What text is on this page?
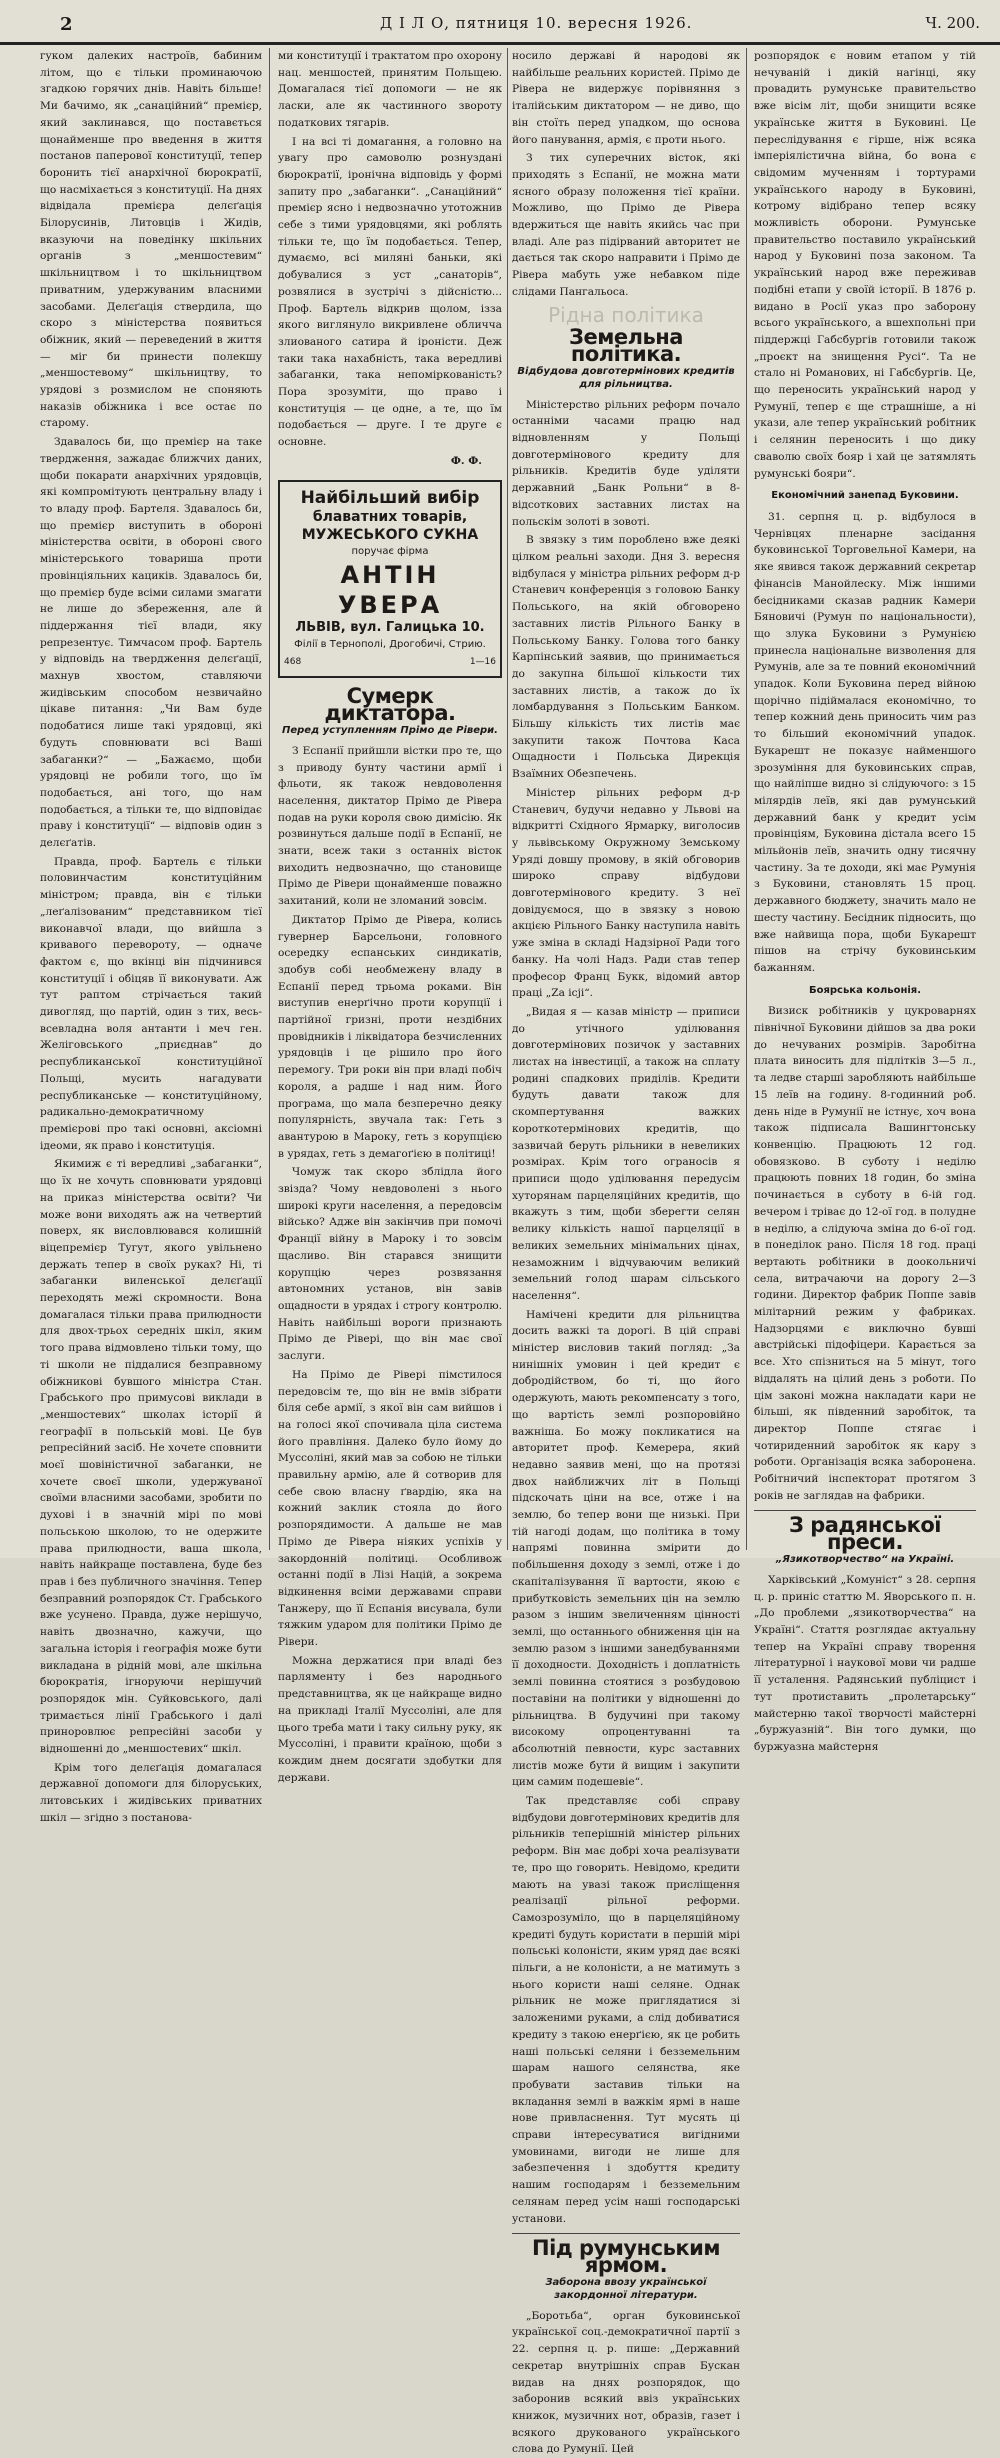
2	Д І Л О, пятниця 10. вересня 1926.	Ч. 200.

гуком далеких настроїв, бабиним літом, що є тільки проминаючою згадкою горячих днів. Навіть більше! Ми бачимо, як „санаційний“ премієр, який заклинався, що поставється щонайменше про введення в життя постанов паперової конституції, тепер боронить тієї анархічної бюрократії, що насміхається з конституції. На днях відвідала премієра делєґація Білорусинів, Литовців і Жидів, вказуючи на поведінку шкільних органів з „меншостевим“ шкільництвом і то шкільництвом приватним, удержуваним власними засобами. Делєґація ствердила, що скоро з міністерства появиться обіжник, який — переведений в життя — міг би принести полекшу „меншостевому“ шкільництву, то урядові з розмислом не споняють наказів обіжника і все остає по старому.

Здавалось би, що премієр на таке твердження, зажадає ближчих даних, щоби покарати анархічних урядовців, які компромітують центральну владу і то владу проф. Бартеля. Здавалось би, що премієр виступить в обороні міністерства освіти, в обороні свого міністерського товариша проти провінціяльних кациків. Здавалось би, що премієр буде всіми силами змагати не лише до збереження, але й піддержання тієї влади, яку репрезентує. Тимчасом проф. Бартель у відповідь на твердження делєґації, махнув хвостом, ставляючи жидівським способом незвичайно цікаве питання: „Чи Вам буде подобатися лише такі урядовці, які будуть сповнювати всі Ваші забаганки?“ — „Бажаємо, щоби урядовці не робили того, що їм подобається, ані того, що нам подобається, а тільки те, що відповідає праву і конституції“ — відповів один з делєґатів.

Правда, проф. Бартель є тільки половинчастим конституційним міністром; правда, він є тільки „леґалізованим“ представником тієї виконавчої влади, що вийшла з кривавого перевороту, — одначе фактом є, що вкінці він підчинився конституції і обіцяв її виконувати. Аж тут раптом стрічається такий дивогляд, що партій, один з тих, весь-всевладна воля антанти і меч ген. Желіговського „приєднав“ до республиканської конституційної Польщі, мусить нагадувати республиканське — конституційному, радикально-демократичному премієрові про такі основні, аксіомні ідеоми, як право і конституція.

Якимиж є ті вередливі „забаганки“, що їх не хочуть сповнювати урядовці на приказ міністерства освіти? Чи може вони виходять аж на четвертий поверх, як висловлювався колишній віцепремієр Тугут, якого увільнено держать тепер в своїх руках? Ні, ті забаганки виленської делєґації переходять межі скромности. Вона домагалася тільки права прилюдности для двох-трьох середніх шкіл, яким того права відмовлено тільки тому, що ті школи не піддалися безправному обіжникові бувшого міністра Стан. Грабського про примусові виклади в „меншостевих“ школах історії й географії в польській мові. Це був репресійний засіб. Не хочете сповнити моєї шовіністичної забаганки, не хочете своєї школи, удержуваної своїми власними засобами, зробити по духові і в значній мірі по мові польською школою, то не одержите права прилюдности, ваша школа, навіть найкраще поставлена, буде без прав і без публичного значіння. Тепер безправний розпорядок Ст. Грабського вже усунено. Правда, дуже нерішучо, навіть двозначно, кажучи, що загальна історія і географія може бути викладана в рідній мові, але шкільна бюрократія, ігноруючи нерішучий розпорядок мін. Суйковського, далі тримається лінії Грабського і далі приноровлює репресійні засоби у відношенні до „меншостевих“ шкіл.

Крім того делєґація домагалася державної допомоги для білоруських, литовських і жидівських приватних шкіл — згідно з постанова-

ми конституції і трактатом про охорону нац. меншостей, принятим Польщею. Домагалася тієї допомоги — не як ласки, але як частинного звороту податкових тягарів.

І на всі ті домагання, а головно на увагу про самоволю рознуздані бюрократії, іронічна відповідь у формі запиту про „забаганки“. „Санаційний“ премієр ясно і недвозначно утотожнив себе з тими урядовцями, які роблять тільки те, що їм подобається. Тепер, думаємо, всі миляні баньки, які добувалися з уст „санаторів“, розвялися в зустрічі з дійсністю... Проф. Бартель відкрив щолом, ізза якого виглянуло викривлене обличча злиованого сатира й іроністи. Деж таки така нахабність, така вередливі забаганки, така непоміркованість? Пора зрозуміти, що право і конституція — це одне, а те, що їм подобається — друге. І те друге є основне.

Ф. Ф.
Найбільший вибір
блаватних товарів,
МУЖЕСЬКОГО СУКНА
поручає фірма
АНТІН УВЕРА
ЛЬВІВ, вул. Галицька 10.
Філії в Тернополі, Дрогобичі, Стрию.
468	1—16
Сумерк диктатора.
Перед уступленням Прімо де Рівери.

З Еспанії прийшли вістки про те, що з приводу бунту частини армії і фльоти, як також невдоволення населення, диктатор Прімо де Рівера подав на руки короля свою димісію. Як розвинуться дальше події в Еспанії, не знати, всеж таки з останніх вісток виходить недвозначно, що становище Прімо де Рівери щонайменше поважно захитаний, коли не зломаний зовсім.

Диктатор Прімо де Рівера, колись гувернер Барсельони, головного осередку еспанських синдикатів, здобув собі необмежену владу в Еспанії перед трьома роками. Він виступив енерґічно проти корупції і партійної гризні, проти нездібних провідників і ліквідатора безчисленних урядовців і це рішило про його перемогу. Три роки він при владі побіч короля, а радше і над ним. Його програма, що мала безперечно деяку популярність, звучала так: Геть з авантурою в Мароку, геть з корупцією в урядах, геть з демагоґією в політиці!

Чомуж так скоро зблідла його звізда? Чому невдоволені з нього широкі круги населення, а передовсім військо? Адже він закінчив при помочі Франції війну в Мароку і то зовсім щасливо. Він старався знищити корупцію через розвязання автономних установ, він завів ощадности в урядах і строгу контролю. Навіть найбільші вороги признають Прімо де Рівері, що він має свої заслуги.

На Прімо де Рівері пімстилося передовсім те, що він не вмів зібрати біля себе армії, з якої він сам вийшов і на голосі якої спочивала ціла система його правління. Далеко було йому до Муссоліні, який мав за собою не тільки правильну армію, але й сотворив для себе свою власну ґвардію, яка на кожний заклик стояла до його розпорядимости. А дальше не мав Прімо де Рівера ніяких успіхів у закордонній політиці. Особливож останні події в Лізі Націй, а зокрема відкинення всіми державами справи Танжеру, що її Еспанія висувала, були тяжким ударом для політики Прімо де Рівери.

Можна держатися при владі без парляменту і без народнього представництва, як це найкраще видно на прикладі Італії Муссоліні, але для цього треба мати і таку сильну руку, як Муссоліні, і правити країною, щоби з кождим днем досягати здобутки для держави.

носило державі й народові як найбільше реальних користей. Прімо де Рівера не видержує порівняння з італійським диктатором — не диво, що він стоїть перед упадком, що основа його панування, армія, є проти нього.

З тих суперечних вісток, які приходять з Еспанії, не можна мати ясного образу положення тієї країни. Можливо, що Прімо де Рівера вдержиться ще навіть якийсь час при владі. Але раз підірваний авторитет не дається так скоро направити і Прімо де Рівера мабуть уже небавком піде слідами Пангальоса.

Рідна політика
Земельна політика.
Відбудова довготермінових кредитів для рільництва.

Міністерство рільних реформ почало останніми часами працю над відновленням у Польщі довготермінового кредиту для рільників. Кредитів буде уділяти державний „Банк Рольни“ в 8-відсоткових заставних листах на польскім золоті в зовоті.

В звязку з тим пороблено вже деякі цілком реальні заходи. Дня 3. вересня відбулася у міністра рільних реформ д-р Станевич конференція з головою Банку Польського, на якій обговорено заставних листів Рільного Банку в Польському Банку. Голова того банку Карпінський заявив, що принимається до закупна більшої кількости тих заставних листів, а також до їх ломбардування з Польським Банком. Більшу кількість тих листів має закупити також Почтова Каса Ощадности і Польська Дирекція Взаїмних Обезпечень.

Міністер рільних реформ д-р Станевич, будучи недавно у Львові на відкритті Східного Ярмарку, виголосив у львівському Окружному Земському Уряді довшу промову, в якій обговорив широко справу відбудови довготермінового кредиту. З неї довідуємося, що в звязку з новою акцією Рільного Банку наступила навіть уже зміна в складі Надзірної Ради того банку. На чолі Надз. Ради став тепер професор Франц Букк, відомий автор праці „Za icji“.

„Видая я — казав міністр — приписи до утічного уділювання довготермінових позичок у заставних листах на інвестиції, а також на сплату родині спадкових приділів. Кредити будуть давати також для скомпертування важких короткотермінових кредитів, що зазвичай беруть рільники в невеликих розмірах. Крім того ограносів я приписи щодо уділювання передусім хуторянам парцеляційних кредитів, що вкажуть з тим, щоби зберегти селян велику кількість нашої парцеляції в великих земельних мінімальних цінах, незаможним і відчуваючим великий земельний голод шарам сільського населення“.

Намічені кредити для рільництва досить важкі та дорогі. В цій справі міністер висловив такий погляд: „За нинішніх умовин і цей кредит є добродійством, бо ті, що його одержують, мають рекомпенсату з того, що вартість землі розпоровійно важніша. Бо можу покликатися на авторитет проф. Кемерера, який недавно заявив мені, що на протязі двох найближчих літ в Польщі підскочать ціни на все, отже і на землю, бо тепер вони ще низькі. При тій нагоді додам, що політика в тому напрямі повинна змірити до побільшення доходу з землі, отже і до скапіталізування її вартости, якою є прибутковість земельних цін на землю разом з іншим звеличенням цінності землі, що останнього обниження цін на землю разом з іншими занедбуваннями її доходности. Доходність і доплатність землі повинна стоятися з розбудовою поставіни на політики у відношенні до рільництва. В будучині при такому високому опроцентуванні та абсолютній певности, курс заставних листів може бути й вищим і закупити цим самим подешевіе“.

Так представляє собі справу відбудови довготермінових кредитів для рільників теперішній міністер рільних реформ. Він має добрі хоча реалізувати те, про що говорить. Невідомо, кредити мають на увазі також присліщення реалізації рільної реформи. Самозрозуміло, що в парцеляційному кредиті будуть користати в першій мірі польські колоністи, яким уряд дає всякі пільги, а не колоністи, а не матимуть з нього користи наші селяне. Однак рільник не може приглядатися зі заложеними руками, а слід добиватися кредиту з такою енерґією, як це робить наші польські селяни і безземельним шарам нашого селянства, яке пробувати заставив тільки на вкладання землі в важкім ярмі в наше нове привласнення. Тут мусять ці справи інтересуватися вигідними умовинами, вигоди не лише для забезпечення і здобуття кредиту нашим господарям і безземельним селянам перед усім наші господарські установи.

Під румунським ярмом.
Заборона ввозу української закордонної літератури.

„Боротьба“, орган буковинської української соц.-демократичної партії з 22. серпня ц. р. пише: „Державний секретар внутрішніх справ Бускан видав на днях розпорядок, що заборонив всякий ввіз українських книжок, музичних нот, образів, газет і всякого друкованого українського слова до Румунії. Цей

розпорядок є новим етапом у тій нечуваній і дикій нагінці, яку провадить румунське правительство вже вісім літ, щоби знищити всяке українське життя в Буковині. Це переслідування є гірше, ніж всяка імперіялістична війна, бо вона є свідомим мученням і тортурами українського народу в Буковині, котрому відібрано тепер всяку можливість оборони. Румунське правительство поставило український народ у Буковині поза законом. Та український народ вже переживав подібні етапи у своїй історії. В 1876 р. видано в Росії указ про заборону всього українського, а вшехпольні при піддержці Габсбургів готовили також „проєкт на знищення Русі“. Та не стало ні Романових, ні Габсбургів. Це, що переносить український народ у Румунії, тепер є ще страшніше, а ні укази, але тепер український робітник і селянин переносить і що дику сваволю своїх бояр і хай це затямлять румунські бояри“.

Економічний занепад Буковини.

31. серпня ц. р. відбулося в Чернівцях пленарне засідання буковинської Торговельної Камери, на яке явився також державний секретар фінансів Манойлеску. Між іншими бесідниками сказав радник Камери Бяновичі (Румун по національности), що злука Буковини з Румунією принесла національне визволення для Румунів, але за те повний економічний упадок. Коли Буковина перед війною щорічно підіймалася економічно, то тепер кожний день приносить чим раз то більший економічний упадок. Букарешт не показує найменшого зрозуміння для буковинських справ, що найліпше видно зі слідуючого: з 15 мілярдів леїв, які дав румунський державний банк у кредит усім провінціям, Буковина дістала всего 15 мільйонів леїв, значить одну тисячну частину. За те доходи, які має Румунія з Буковини, становлять 15 проц. державного бюджету, значить мало не шесту частину. Бесідник підносить, що вже найвища пора, щоби Букарешт пішов на стрічу буковинським бажанням.

Боярська кольонія.

Визиск робітників у цукроварнях північної Буковини дійшов за два роки до нечуваних розмірів. Заробітна плата виносить для підлітків 3—5 л., та ледве старші заробляють найбільше 15 леїв на годину. 8-годинний роб. день ніде в Румунії не істнує, хоч вона також підписала Вашингтонську конвенцію. Працюють 12 год. обовязково. В суботу і неділю працюють повних 18 годин, бо зміна починається в суботу в 6-ій год. вечером і тріває до 12-ої год. в полудне в неділю, а слідуюча зміна до 6-ої год. в понеділок рано. Після 18 год. праці вертають робітники в доокольничі села, витрачаючи на дорогу 2—3 години. Директор фабрик Поппе завів мілітарний режим у фабриках. Надзорцями є виключно бувші австрійські підофіцери. Карається за все. Хто спізниться на 5 мінут, того віддалять на цілий день з роботи. По цім законі можна накладати кари не більші, як південний заробіток, та директор Поппе стягає і чотириденний заробіток як кару з роботи. Організація всяка заборонена. Робітничий інспекторат протягом 3 років не заглядав на фабрики.

З радянської преси.
„Язикотворчество“ на Україні.

Харківський „Комуніст“ з 28. серпня ц. р. приніс статтю М. Яворського п. н. „До проблеми „язикотворчества“ на Україні“. Стаття розглядає актуальну тепер на Україні справу творення літературної і наукової мови чи радше її усталення. Радянський публіцист і тут протиставить „пролетарську“ майстерню такої творчості майстерні „буржуазній“. Він того думки, що буржуазна майстерня
